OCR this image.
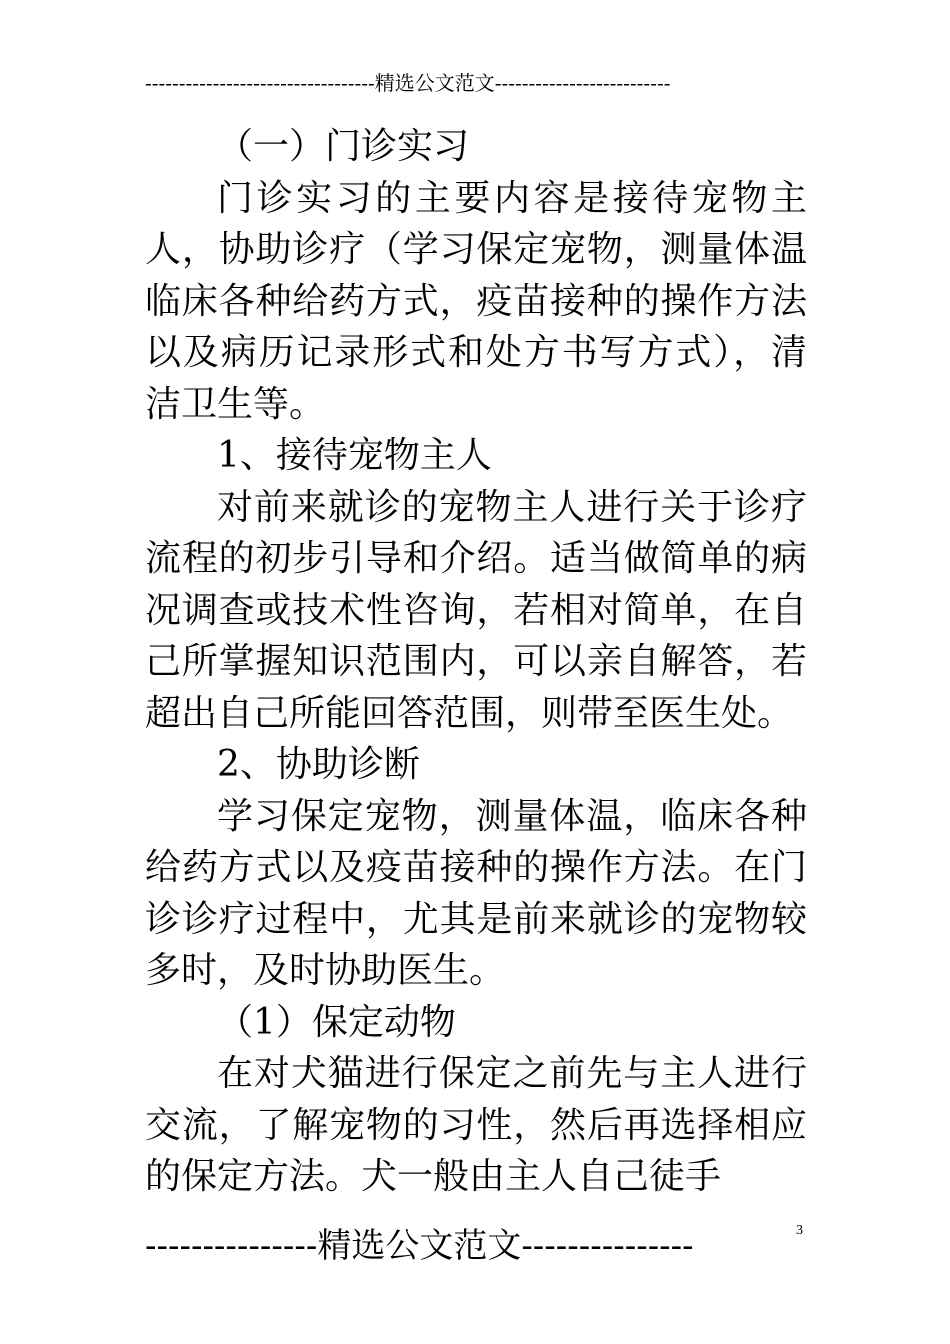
----------------------------------精选公文范文--------------------------

（一）门诊实习

门诊实习的主要内容是接待宠物主人，协助诊疗（学习保定宠物，测量体温临床各种给药方式，疫苗接种的操作方法以及病历记录形式和处方书写方式），清洁卫生等。

1、接待宠物主人

对前来就诊的宠物主人进行关于诊疗流程的初步引导和介绍。适当做简单的病况调查或技术性咨询，若相对简单，在自己所掌握知识范围内，可以亲自解答，若超出自己所能回答范围，则带至医生处。

2、协助诊断

学习保定宠物，测量体温，临床各种给药方式以及疫苗接种的操作方法。在门诊诊疗过程中，尤其是前来就诊的宠物较多时，及时协助医生。

（1）保定动物

在对犬猫进行保定之前先与主人进行交流，了解宠物的习性，然后再选择相应的保定方法。犬一般由主人自己徒手

---------------精选公文范文---------------	3
